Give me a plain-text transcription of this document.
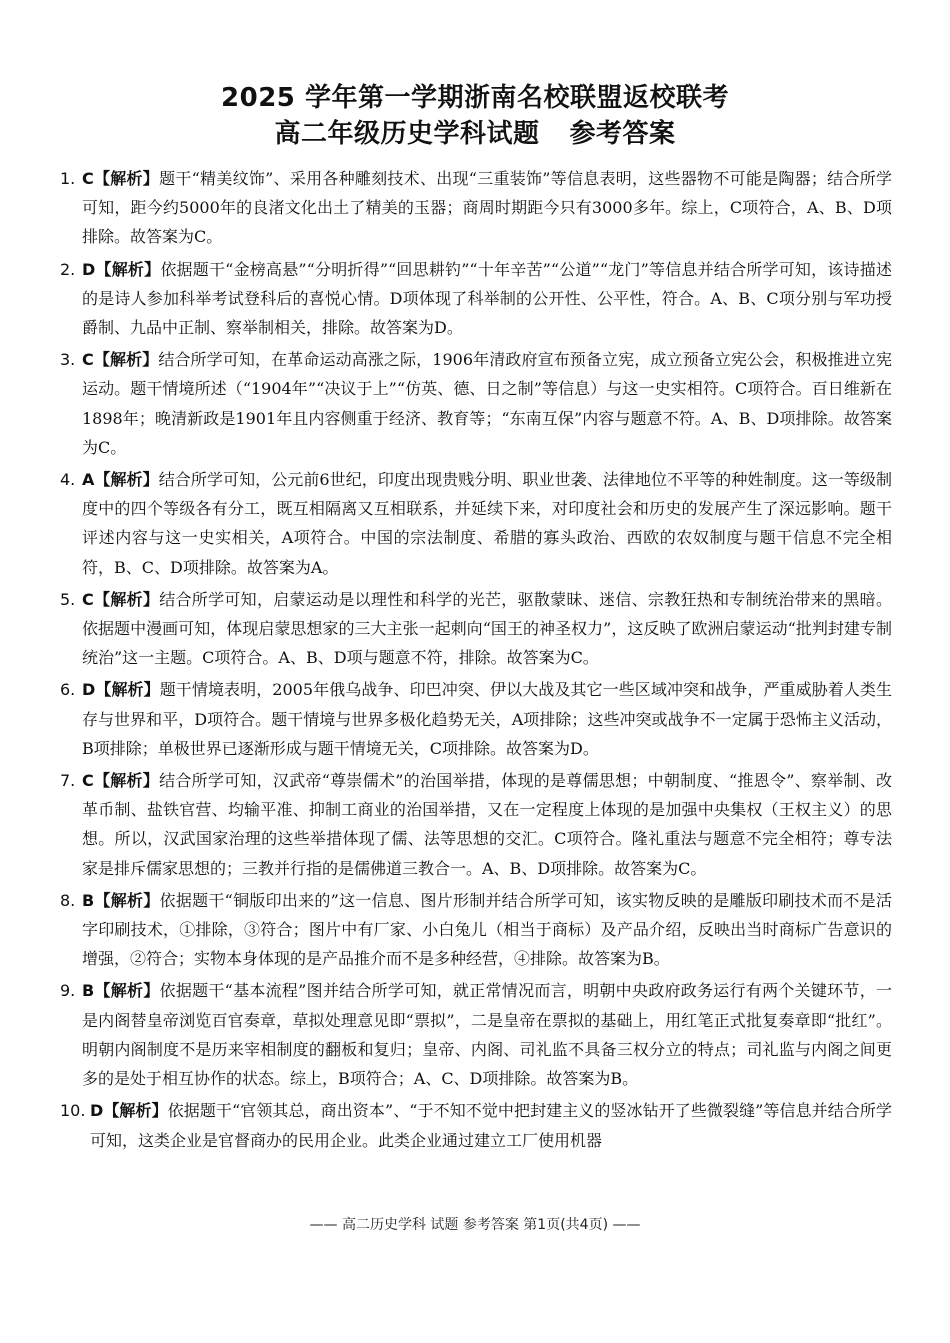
2025 学年第一学期浙南名校联盟返校联考
高二年级历史学科试题 参考答案
1. C【解析】题干“精美纹饰”、采用各种雕刻技术、出现“三重装饰”等信息表明，这些器物不可能是陶器；结合所学可知，距今约5000年的良渚文化出土了精美的玉器；商周时期距今只有3000多年。综上，C项符合，A、B、D项排除。故答案为C。
2. D【解析】依据题干“金榜高悬”“分明折得”“回思耕钓”“十年辛苦”“公道”“龙门”等信息并结合所学可知，该诗描述的是诗人参加科举考试登科后的喜悦心情。D项体现了科举制的公开性、公平性，符合。A、B、C项分别与军功授爵制、九品中正制、察举制相关，排除。故答案为D。
3. C【解析】结合所学可知，在革命运动高涨之际，1906年清政府宣布预备立宪，成立预备立宪公会，积极推进立宪运动。题干情境所述（“1904年”“决议于上”“仿英、德、日之制”等信息）与这一史实相符。C项符合。百日维新在1898年；晚清新政是1901年且内容侧重于经济、教育等；“东南互保”内容与题意不符。A、B、D项排除。故答案为C。
4. A【解析】结合所学可知，公元前6世纪，印度出现贵贱分明、职业世袭、法律地位不平等的种姓制度。这一等级制度中的四个等级各有分工，既互相隔离又互相联系，并延续下来，对印度社会和历史的发展产生了深远影响。题干评述内容与这一史实相关，A项符合。中国的宗法制度、希腊的寡头政治、西欧的农奴制度与题干信息不完全相符，B、C、D项排除。故答案为A。
5. C【解析】结合所学可知，启蒙运动是以理性和科学的光芒，驱散蒙昧、迷信、宗教狂热和专制统治带来的黑暗。依据题中漫画可知，体现启蒙思想家的三大主张一起刺向“国王的神圣权力”，这反映了欧洲启蒙运动“批判封建专制统治”这一主题。C项符合。A、B、D项与题意不符，排除。故答案为C。
6. D【解析】题干情境表明，2005年俄乌战争、印巴冲突、伊以大战及其它一些区域冲突和战争，严重威胁着人类生存与世界和平，D项符合。题干情境与世界多极化趋势无关，A项排除；这些冲突或战争不一定属于恐怖主义活动，B项排除；单极世界已逐渐形成与题干情境无关，C项排除。故答案为D。
7. C【解析】结合所学可知，汉武帝“尊崇儒术”的治国举措，体现的是尊儒思想；中朝制度、“推恩令”、察举制、改革币制、盐铁官营、均输平准、抑制工商业的治国举措，又在一定程度上体现的是加强中央集权（王权主义）的思想。所以，汉武国家治理的这些举措体现了儒、法等思想的交汇。C项符合。隆礼重法与题意不完全相符；尊专法家是排斥儒家思想的；三教并行指的是儒佛道三教合一。A、B、D项排除。故答案为C。
8. B【解析】依据题干“铜版印出来的”这一信息、图片形制并结合所学可知，该实物反映的是雕版印刷技术而不是活字印刷技术，①排除，③符合；图片中有厂家、小白兔儿（相当于商标）及产品介绍，反映出当时商标广告意识的增强，②符合；实物本身体现的是产品推介而不是多种经营，④排除。故答案为B。
9. B【解析】依据题干“基本流程”图并结合所学可知，就正常情况而言，明朝中央政府政务运行有两个关键环节，一是内阁替皇帝浏览百官奏章，草拟处理意见即“票拟”，二是皇帝在票拟的基础上，用红笔正式批复奏章即“批红”。明朝内阁制度不是历来宰相制度的翻板和复归；皇帝、内阁、司礼监不具备三权分立的特点；司礼监与内阁之间更多的是处于相互协作的状态。综上，B项符合；A、C、D项排除。故答案为B。
10. D【解析】依据题干“官领其总，商出资本”、“于不知不觉中把封建主义的竖冰钻开了些微裂缝”等信息并结合所学可知，这类企业是官督商办的民用企业。此类企业通过建立工厂使用机器
—— 高二历史学科 试题 参考答案 第1页(共4页) ——
